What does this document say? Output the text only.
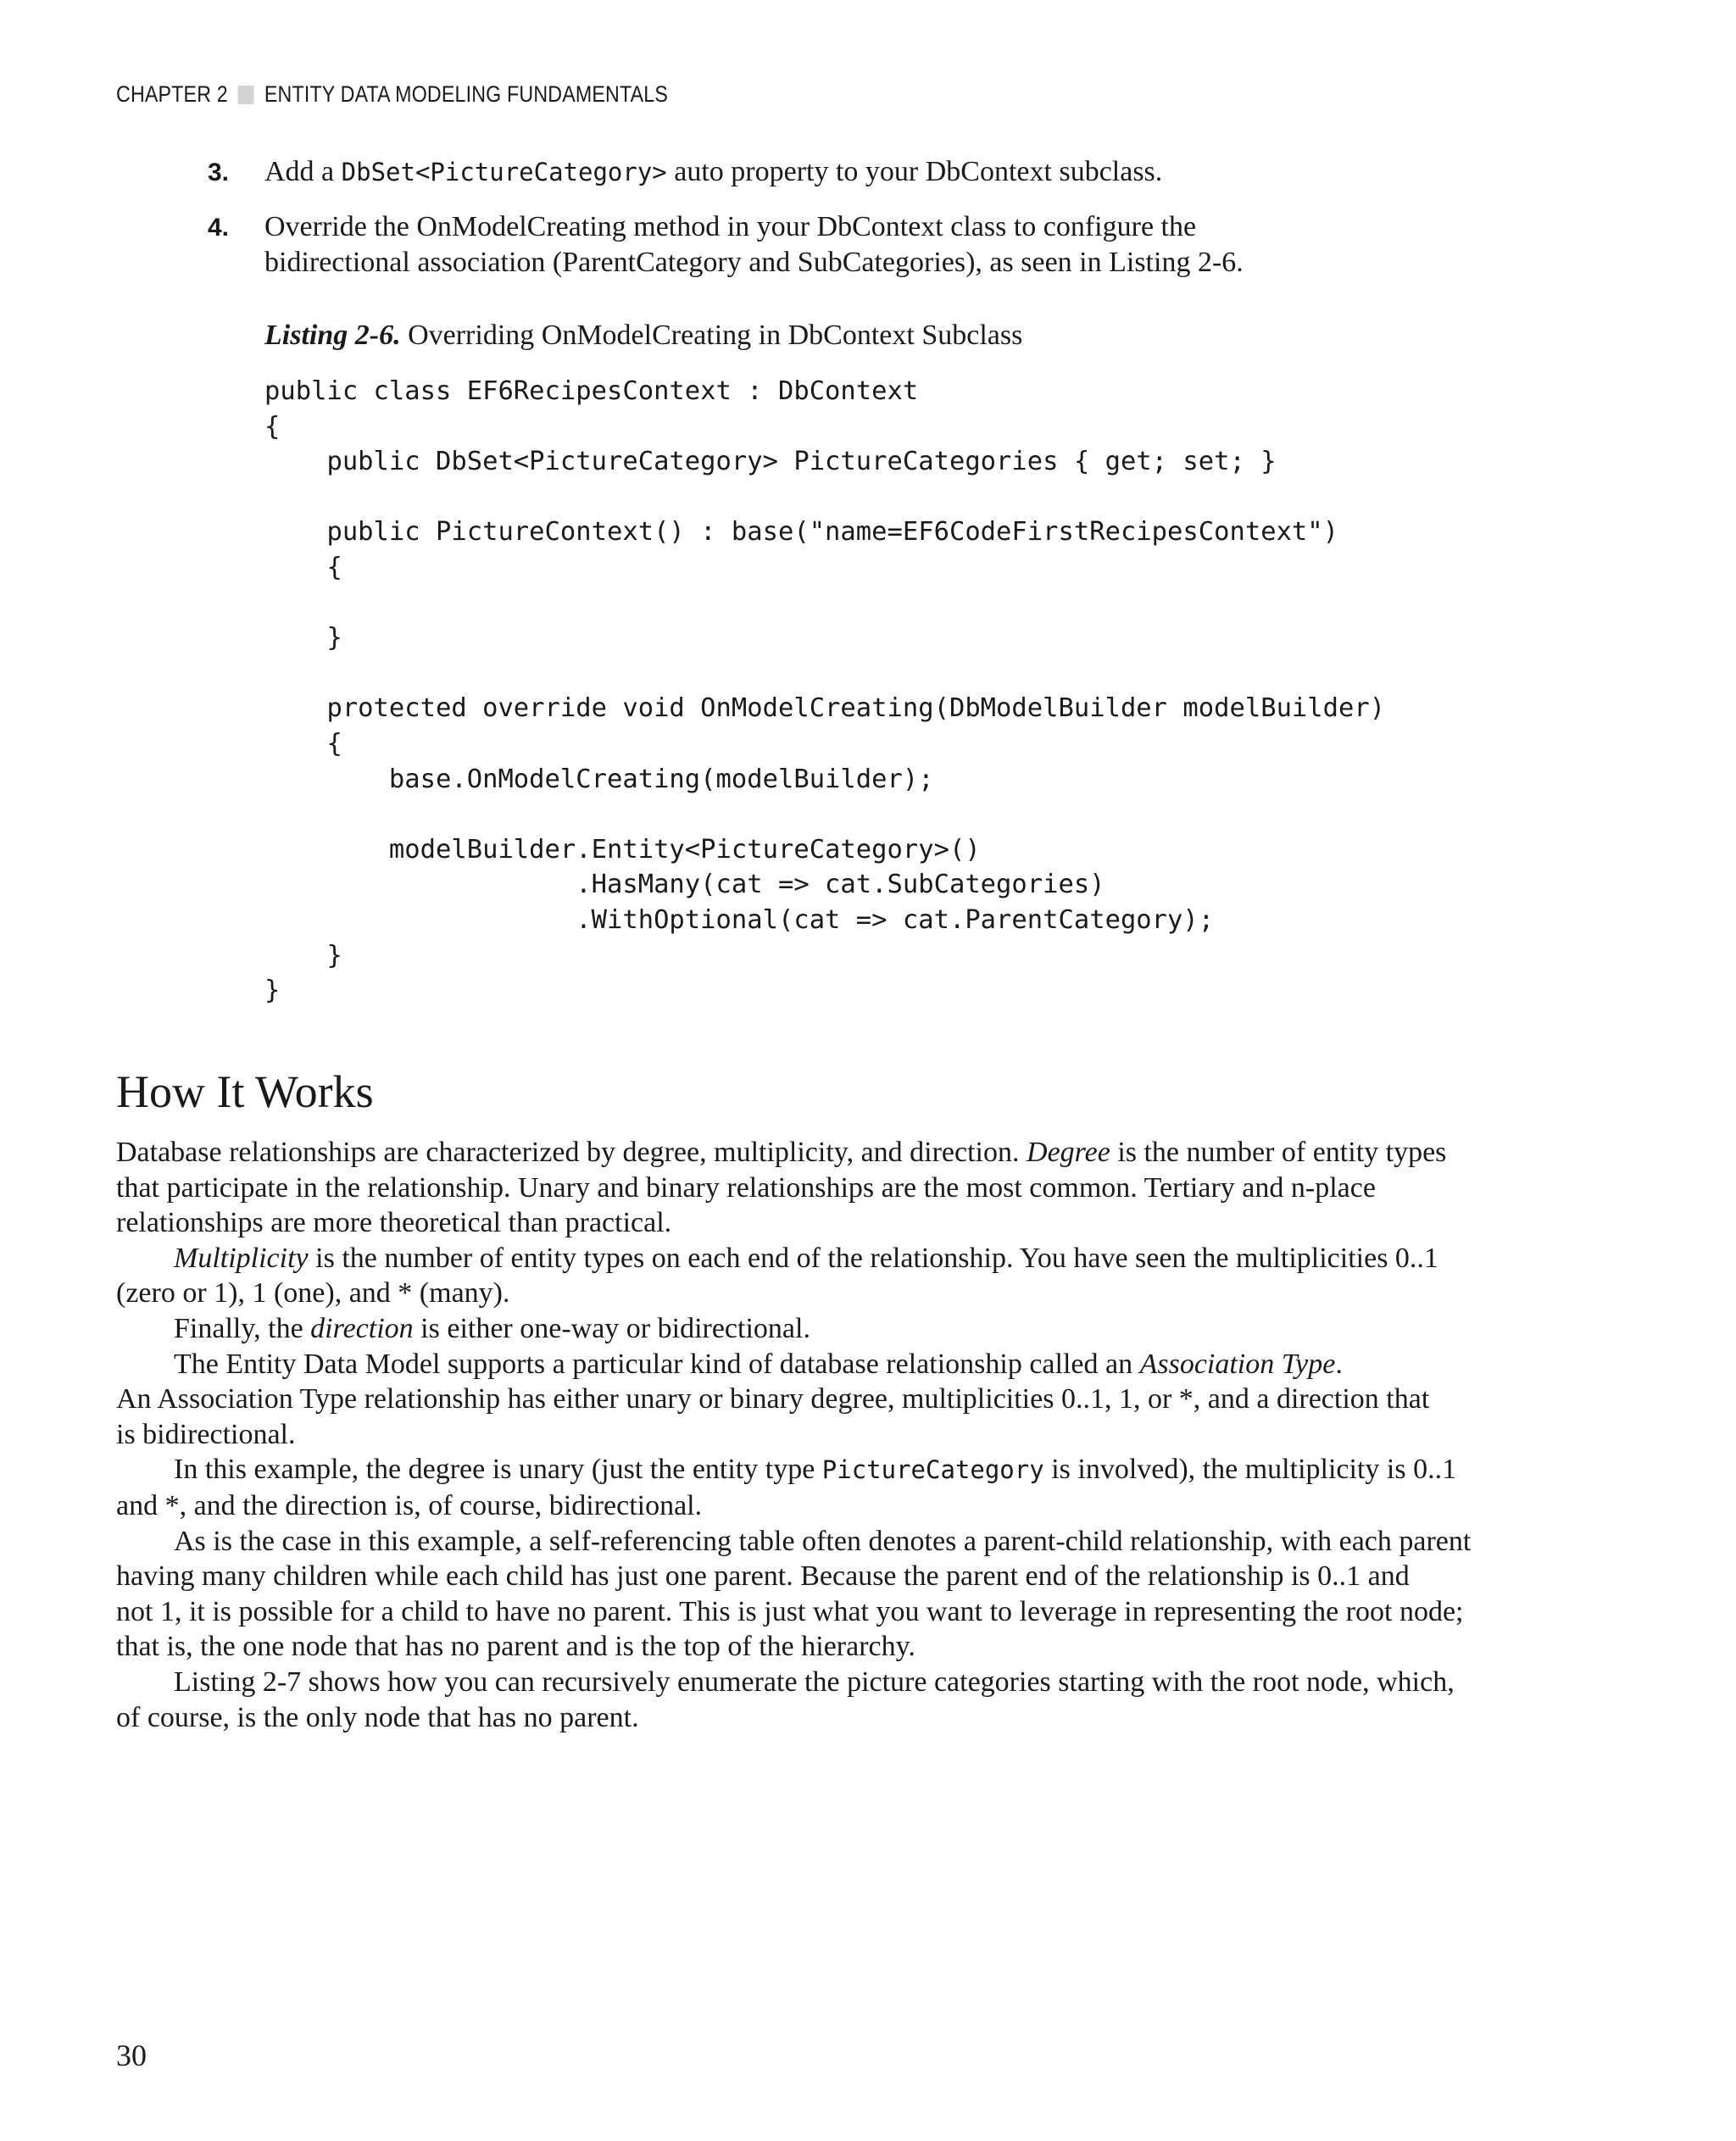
CHAPTER 2 ENTITY DATA MODELING FUNDAMENTALS
3.	Add a DbSet<PictureCategory> auto property to your DbContext subclass.
4.	Override the OnModelCreating method in your DbContext class to configure the
bidirectional association (ParentCategory and SubCategories), as seen in Listing 2-6.
Listing 2-6. Overriding OnModelCreating in DbContext Subclass
public class EF6RecipesContext : DbContext
{
public DbSet<PictureCategory> PictureCategories { get; set; }

public PictureContext() : base("name=EF6CodeFirstRecipesContext")
{

}

protected override void OnModelCreating(DbModelBuilder modelBuilder)
{
base.OnModelCreating(modelBuilder);

modelBuilder.Entity<PictureCategory>()
.HasMany(cat => cat.SubCategories)
.WithOptional(cat => cat.ParentCategory);
}
}
How It Works

Database relationships are characterized by degree, multiplicity, and direction. Degree is the number of entity types
that participate in the relationship. Unary and binary relationships are the most common. Tertiary and n-place
relationships are more theoretical than practical.

Multiplicity is the number of entity types on each end of the relationship. You have seen the multiplicities 0..1
(zero or 1), 1 (one), and * (many).

Finally, the direction is either one-way or bidirectional.

The Entity Data Model supports a particular kind of database relationship called an Association Type.
An Association Type relationship has either unary or binary degree, multiplicities 0..1, 1, or *, and a direction that
is bidirectional.

In this example, the degree is unary (just the entity type PictureCategory is involved), the multiplicity is 0..1
and *, and the direction is, of course, bidirectional.

As is the case in this example, a self-referencing table often denotes a parent-child relationship, with each parent
having many children while each child has just one parent. Because the parent end of the relationship is 0..1 and
not 1, it is possible for a child to have no parent. This is just what you want to leverage in representing the root node;
that is, the one node that has no parent and is the top of the hierarchy.

Listing 2-7 shows how you can recursively enumerate the picture categories starting with the root node, which,
of course, is the only node that has no parent.

30
